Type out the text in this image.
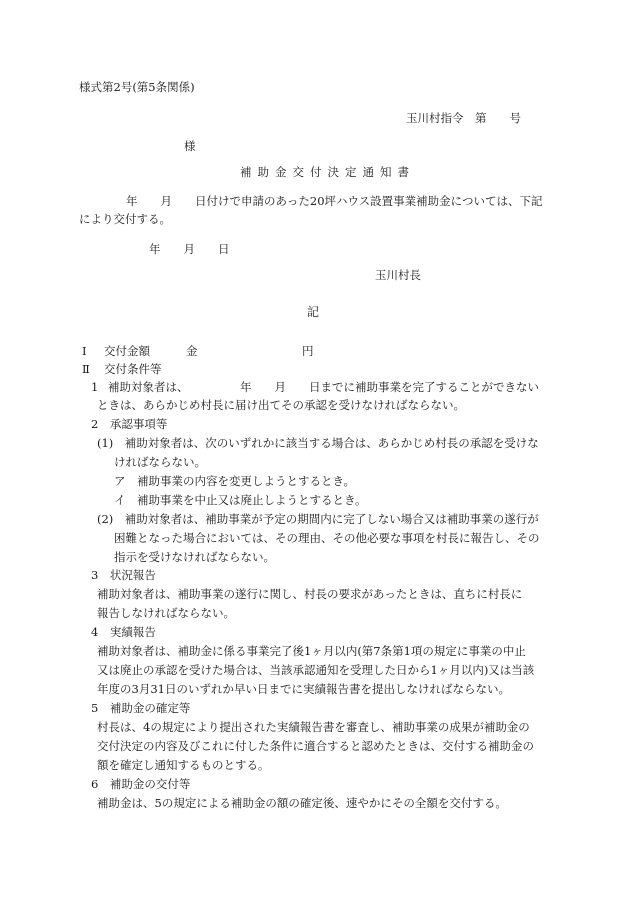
様式第2号(第5条関係)
玉川村指令　第　　号
様
補助金交付決定通知書
年　　月　　日付けで申請のあった20坪ハウス設置事業補助金については、下記
により交付する。
年　　月　　日
玉川村長
記
Ⅰ 交付金額	金	円
Ⅱ 交付条件等
1 補助対象者は、	年　　月　　日までに補助事業を完了することができない
ときは、あらかじめ村長に届け出てその承認を受けなければならない。
2　承認事項等
(1)　補助対象者は、次のいずれかに該当する場合は、あらかじめ村長の承認を受けな
ければならない。
ア　補助事業の内容を変更しようとするとき。
イ　補助事業を中止又は廃止しようとするとき。
(2)　補助対象者は、補助事業が予定の期間内に完了しない場合又は補助事業の遂行が
困難となった場合においては、その理由、その他必要な事項を村長に報告し、その
指示を受けなければならない。
3　状況報告
補助対象者は、補助事業の遂行に関し、村長の要求があったときは、直ちに村長に
報告しなければならない。
4　実績報告
補助対象者は、補助金に係る事業完了後1ヶ月以内(第7条第1項の規定に事業の中止
又は廃止の承認を受けた場合は、当該承認通知を受理した日から1ヶ月以内)又は当該
年度の3月31日のいずれか早い日までに実績報告書を提出しなければならない。
5　補助金の確定等
村長は、4の規定により提出された実績報告書を審査し、補助事業の成果が補助金の
交付決定の内容及びこれに付した条件に適合すると認めたときは、交付する補助金の
額を確定し通知するものとする。
6　補助金の交付等
補助金は、5の規定による補助金の額の確定後、速やかにその全額を交付する。
